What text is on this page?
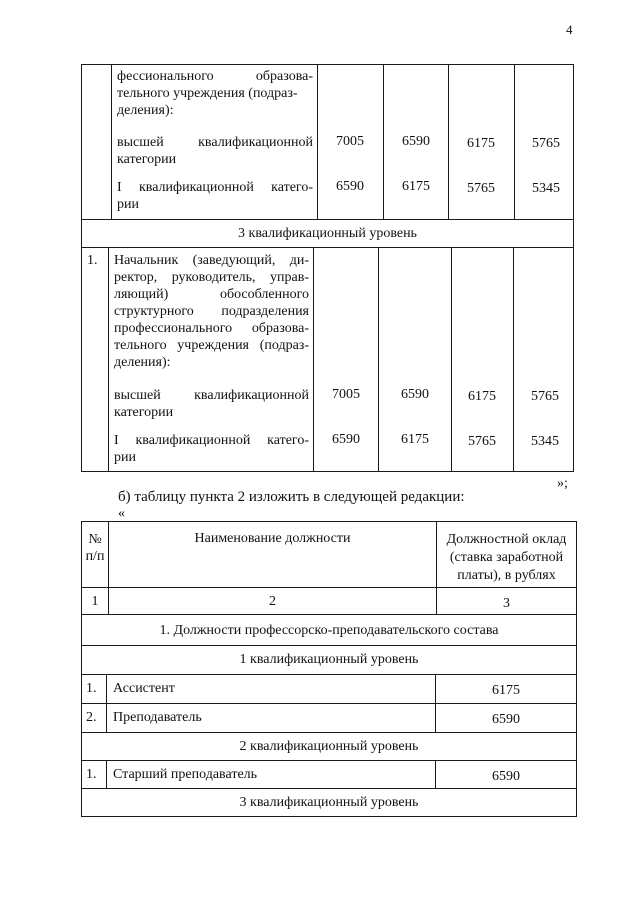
4
фессионального образова-
тельного учреждения (подраз-
деления):
высшей квалификационной
категории
7005	6590	6175	5765
I квалификационной катего-
рии
6590	6175	5765	5345
3 квалификационный уровень
1. Начальник (заведующий, ди-
ректор, руководитель, управ-
ляющий) обособленного
структурного подразделения
профессионального образова-
тельного учреждения (подраз-
деления):
высшей квалификационной
категории
7005	6590	6175	5765
I квалификационной катего-
рии
6590	6175	5765	5345
»;
б) таблицу пункта 2 изложить в следующей редакции:
«
№
п/п
Наименование должности	Должностной оклад
(ставка заработной
платы), в рублях
1	2	3
1. Должности профессорско-преподавательского состава
1 квалификационный уровень
1. Ассистент	6175
2. Преподаватель	6590
2 квалификационный уровень
1. Старший преподаватель	6590
3 квалификационный уровень
